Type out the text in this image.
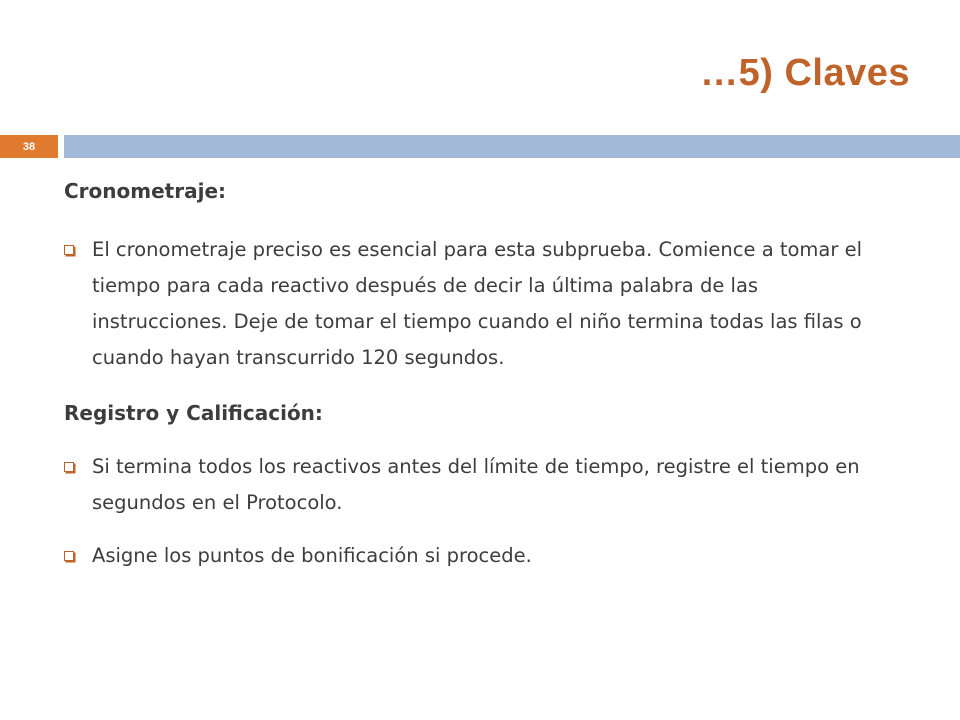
…5) Claves
38
Cronometraje:
El cronometraje preciso es esencial para esta subprueba. Comience a tomar el tiempo para cada reactivo después de decir la última palabra de las instrucciones. Deje de tomar el tiempo cuando el niño termina todas las filas o cuando hayan transcurrido 120 segundos.
Registro y Calificación:
Si termina todos los reactivos antes del límite de tiempo, registre el tiempo en segundos en el Protocolo.
Asigne los puntos de bonificación si procede.
